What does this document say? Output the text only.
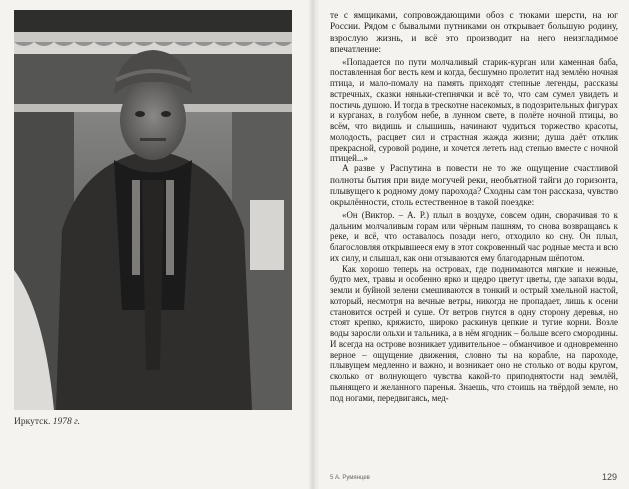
Иркутск. 1978 г.

те с ямщиками, сопровождающими обоз с тюками шерсти, на юг России. Рядом с бывалыми путниками он открывает большую родину, взрослую жизнь, и всё это производит на него неизгладимое впечатление:

«Попадается по пути молчаливый старик-курган или каменная баба, поставленная бог весть кем и когда, бесшумно пролетит над землёю ночная птица, и мало-помалу на память приходят степные легенды, рассказы встречных, сказки няньки-степнячки и всё то, что сам сумел увидеть и постичь душою. И тогда в трескотне насекомых, в подозрительных фигурах и курганах, в голубом небе, в лунном свете, в полёте ночной птицы, во всём, что видишь и слышишь, начинают чудиться торжество красоты, молодость, расцвет сил и страстная жажда жизни; душа даёт отклик прекрасной, суровой родине, и хочется лететь над степью вместе с ночной птицей...»

А разве у Распутина в повести не то же ощущение счастливой полноты бытия при виде могучей реки, необъятной тайги до горизонта, плывущего к родному дому парохода? Сходны сам тон рассказа, чувство окрылённости, столь естественное в такой поездке:

«Он (Виктор. – А. Р.) плыл в воздухе, совсем один, сворачивая то к дальним молчаливым горам или чёрным пашням, то снова возвращаясь к реке, и всё, что оставалось позади него, отходило ко сну. Он плыл, благословляя открывшееся ему в этот сокровенный час родные места и всю их силу, и слышал, как они отзываются ему благодарным шёпотом.

Как хорошо теперь на островах, где поднимаются мягкие и нежные, будто мех, травы и особенно ярко и щедро цветут цветы, где запахи воды, земли и буйной зелени смешиваются в тонкий и острый хмельной настой, который, несмотря на вечные ветры, никогда не пропадает, лишь к осени становится острей и суше. От ветров гнутся в одну сторону деревья, но стоят крепко, кряжисто, широко раскинув цепкие и тугие корни. Возле воды заросли ольхи и тальника, а в нём ягодник – больше всего смородины. И всегда на острове возникает удивительное – обманчивое и одновременно верное – ощущение движения, словно ты на корабле, на пароходе, плывущем медленно и важно, и возникает оно не столько от воды кругом, сколько от волнующего чувства какой-то приподнятости над землёй, пьянящего и желанного паренья. Знаешь, что стоишь на твёрдой земле, но под ногами, передвигаясь, мед-

5 А. Румянцев	129
